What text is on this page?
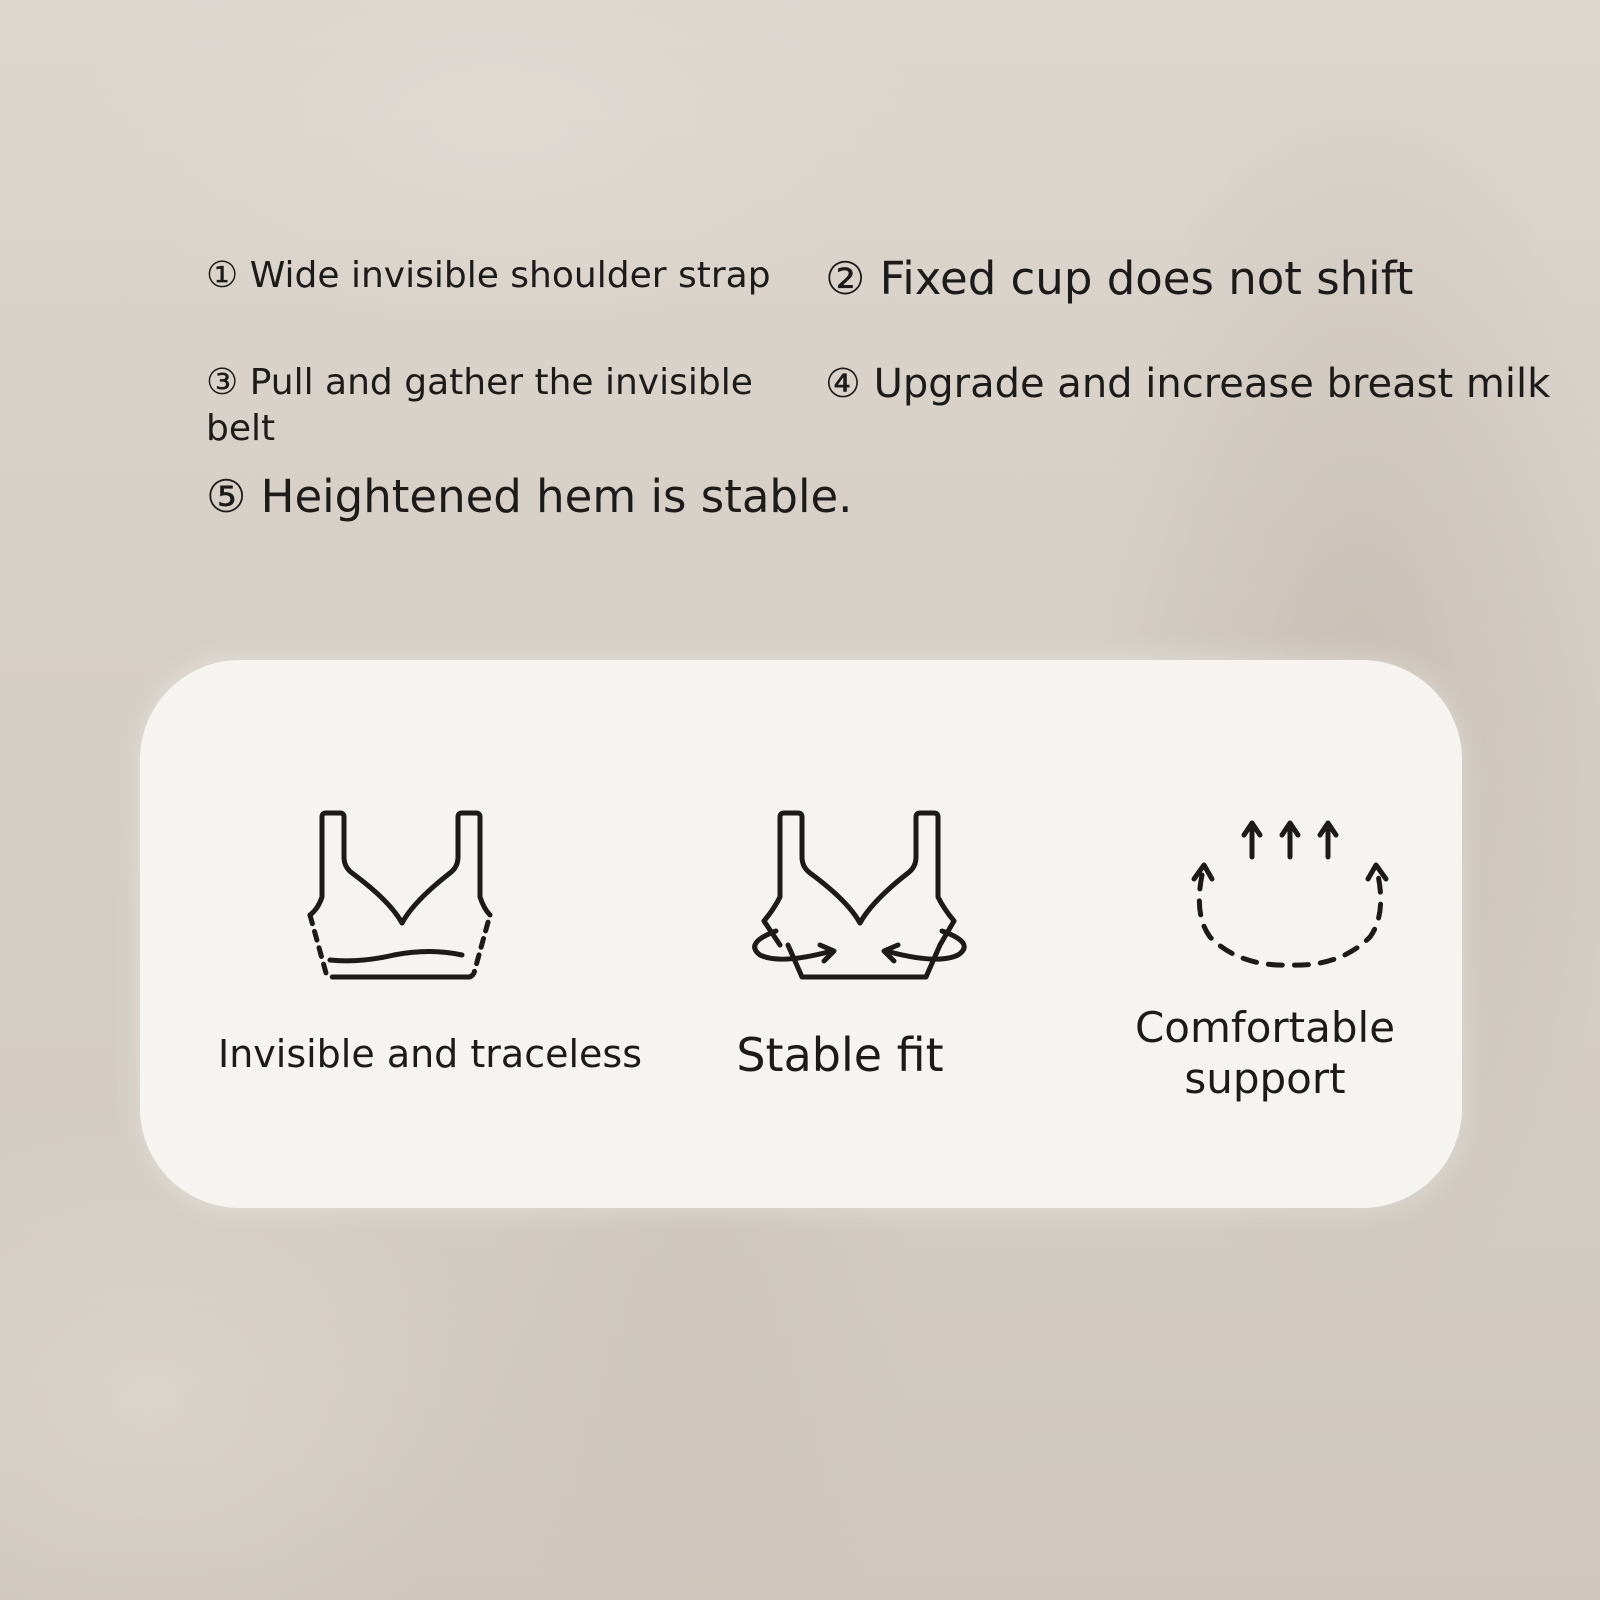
① Wide invisible shoulder strap ② Fixed cup does not shift

③ Pull and gather the invisible belt

④ Upgrade and increase breast milk

⑤ Heightened hem is stable.

Invisible and traceless	Stable fit

Comfortable support
